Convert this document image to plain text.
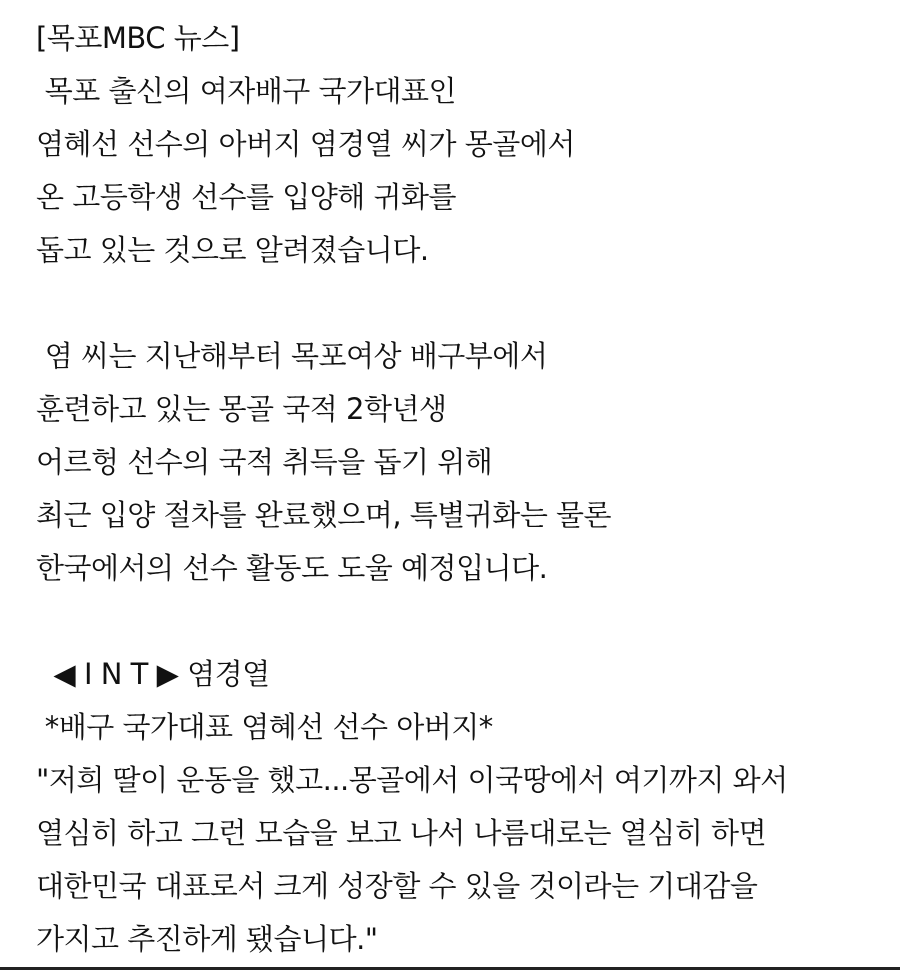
[목포MBC 뉴스]
목포 출신의 여자배구 국가대표인
염혜선 선수의 아버지 염경열 씨가 몽골에서
온 고등학생 선수를 입양해 귀화를
돕고 있는 것으로 알려졌습니다.
염 씨는 지난해부터 목포여상 배구부에서
훈련하고 있는 몽골 국적 2학년생
어르헝 선수의 국적 취득을 돕기 위해
최근 입양 절차를 완료했으며, 특별귀화는 물론
한국에서의 선수 활동도 도울 예정입니다.
◀ I N T ▶ 염경열
*배구 국가대표 염혜선 선수 아버지*
"저희 딸이 운동을 했고...몽골에서 이국땅에서 여기까지 와서
열심히 하고 그런 모습을 보고 나서 나름대로는 열심히 하면
대한민국 대표로서 크게 성장할 수 있을 것이라는 기대감을
가지고 추진하게 됐습니다."
